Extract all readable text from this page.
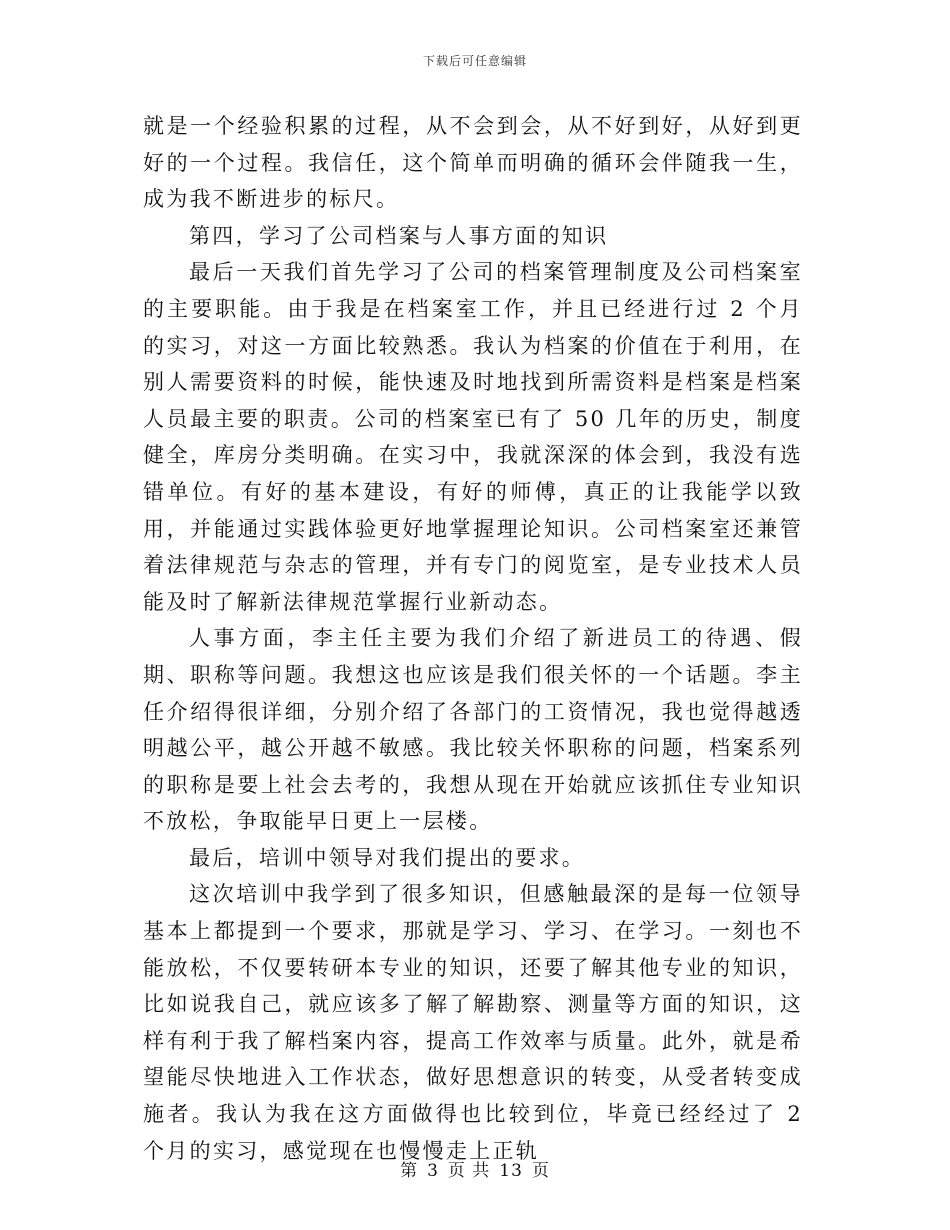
下载后可任意编辑

就是一个经验积累的过程，从不会到会，从不好到好，从好到更好的一个过程。我信任，这个简单而明确的循环会伴随我一生，成为我不断进步的标尺。

第四，学习了公司档案与人事方面的知识

最后一天我们首先学习了公司的档案管理制度及公司档案室的主要职能。由于我是在档案室工作，并且已经进行过 2 个月的实习，对这一方面比较熟悉。我认为档案的价值在于利用，在别人需要资料的时候，能快速及时地找到所需资料是档案是档案人员最主要的职责。公司的档案室已有了 50 几年的历史，制度健全，库房分类明确。在实习中，我就深深的体会到，我没有选错单位。有好的基本建设，有好的师傅，真正的让我能学以致用，并能通过实践体验更好地掌握理论知识。公司档案室还兼管着法律规范与杂志的管理，并有专门的阅览室，是专业技术人员能及时了解新法律规范掌握行业新动态。

人事方面，李主任主要为我们介绍了新进员工的待遇、假期、职称等问题。我想这也应该是我们很关怀的一个话题。李主任介绍得很详细，分别介绍了各部门的工资情况，我也觉得越透明越公平，越公开越不敏感。我比较关怀职称的问题，档案系列的职称是要上社会去考的，我想从现在开始就应该抓住专业知识不放松，争取能早日更上一层楼。

最后，培训中领导对我们提出的要求。

这次培训中我学到了很多知识，但感触最深的是每一位领导基本上都提到一个要求，那就是学习、学习、在学习。一刻也不能放松，不仅要转研本专业的知识，还要了解其他专业的知识，比如说我自己，就应该多了解了解勘察、测量等方面的知识，这样有利于我了解档案内容，提高工作效率与质量。此外，就是希望能尽快地进入工作状态，做好思想意识的转变，从受者转变成施者。我认为我在这方面做得也比较到位，毕竟已经经过了 2 个月的实习，感觉现在也慢慢走上正轨

第 3 页 共 13 页
